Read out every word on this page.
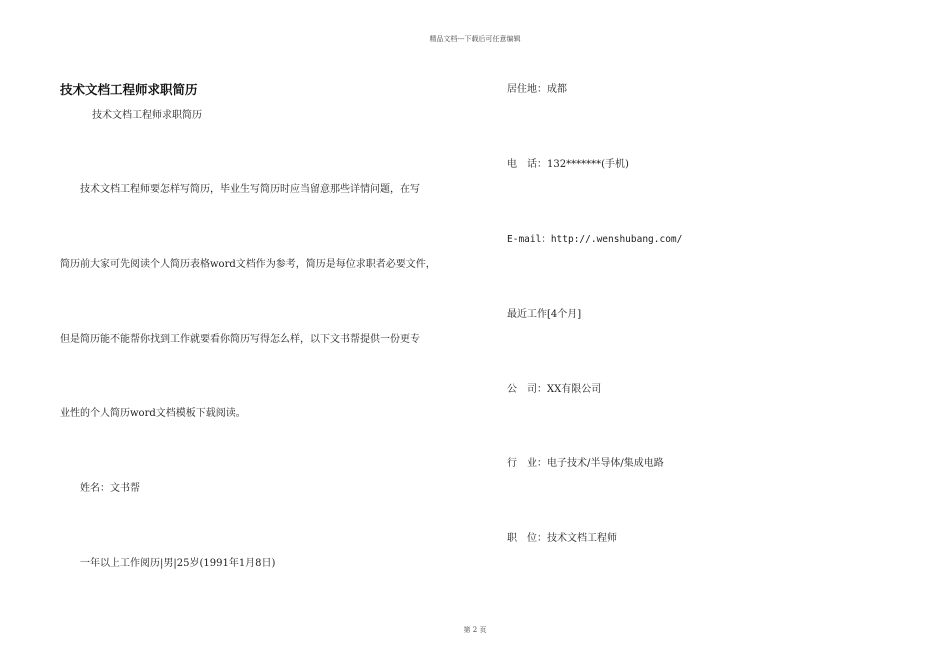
精品文档---下载后可任意编辑
技术文档工程师求职简历
技术文档工程师求职简历
技术文档工程师要怎样写简历，毕业生写简历时应当留意那些详情问题，在写
简历前大家可先阅读个人简历表格word文档作为参考，简历是每位求职者必要文件，
但是简历能不能帮你找到工作就要看你简历写得怎么样，以下文书帮提供一份更专
业性的个人简历word文档模板下载阅读。
姓名：文书帮
一年以上工作阅历|男|25岁(1991年1月8日)
居住地：成都
电　话：132*******(手机)
E-mail：http://.wenshubang.com/
最近工作[4个月]
公　司：XX有限公司
行　业：电子技术/半导体/集成电路
职　位：技术文档工程师
第 2 页
